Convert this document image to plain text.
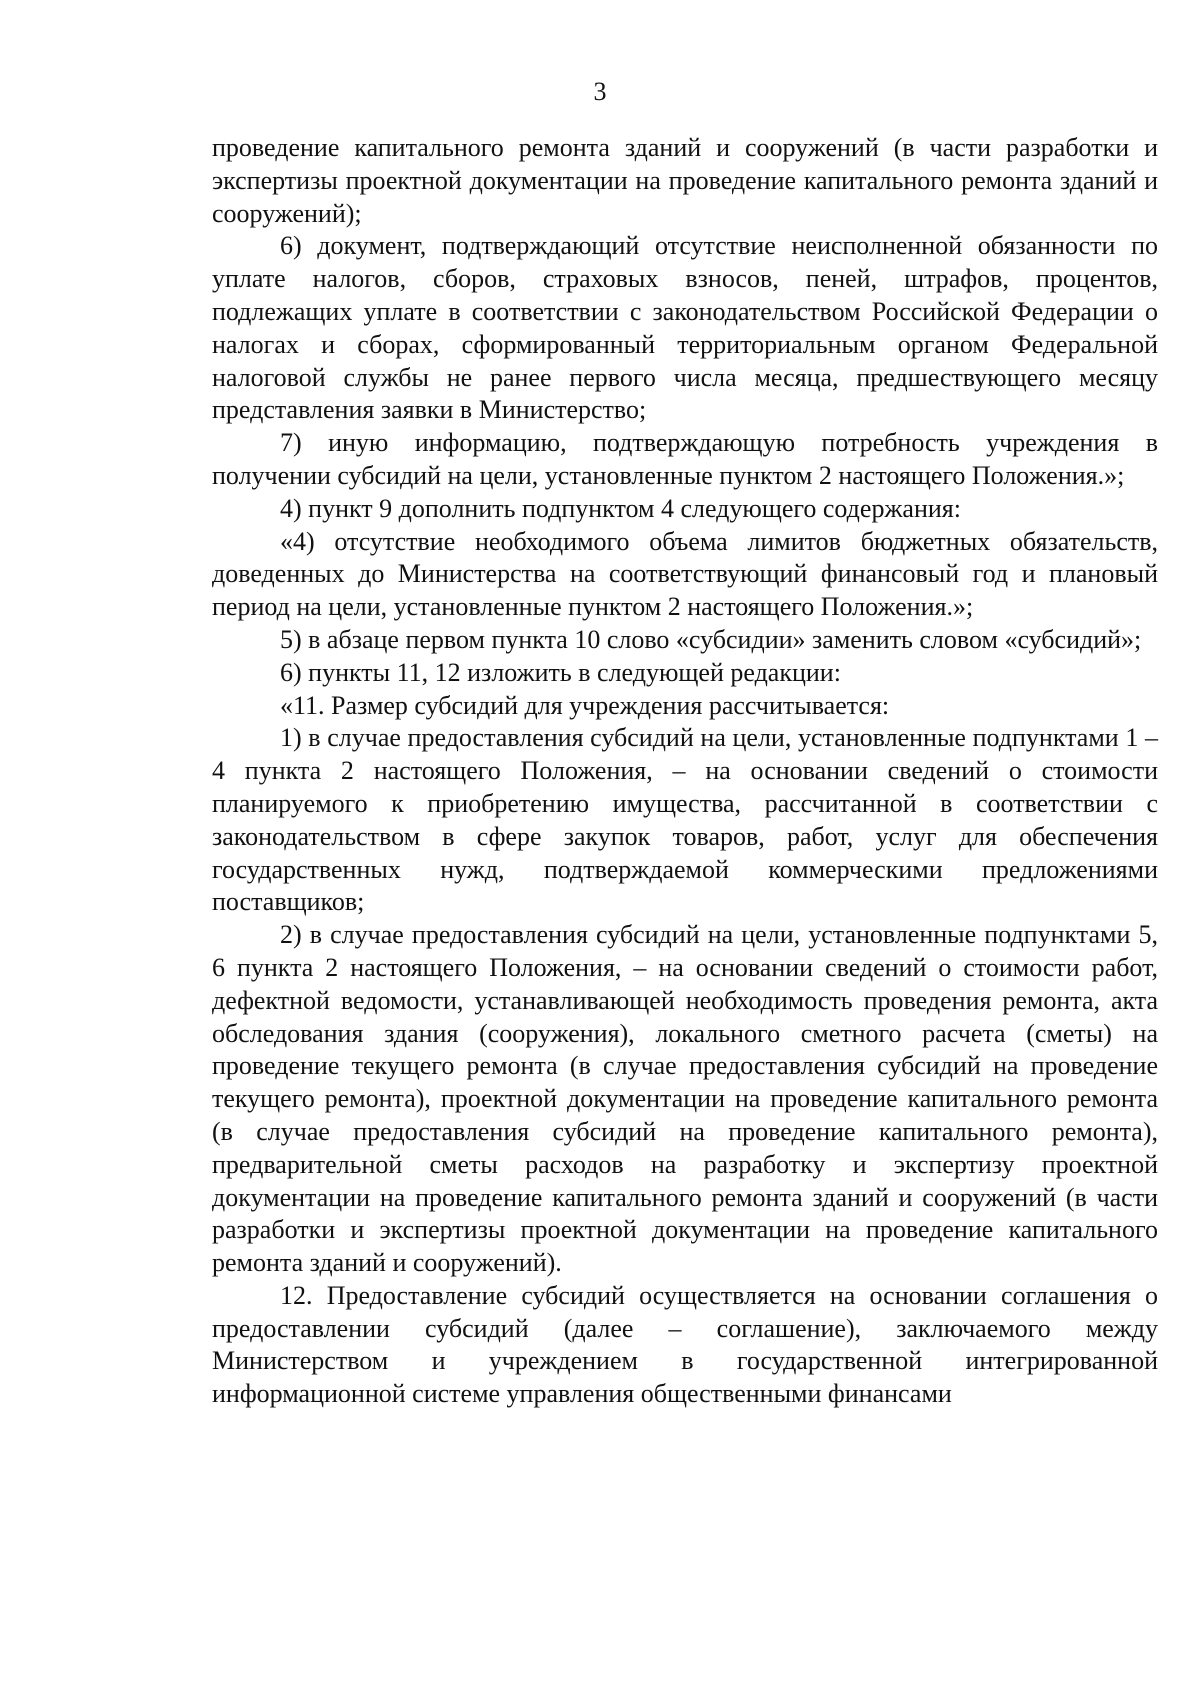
3

проведение капитального ремонта зданий и сооружений (в части разработки и экспертизы проектной документации на проведение капитального ремонта зданий и сооружений);

6) документ, подтверждающий отсутствие неисполненной обязанности по уплате налогов, сборов, страховых взносов, пеней, штрафов, процентов, подлежащих уплате в соответствии с законодательством Российской Федерации о налогах и сборах, сформированный территориальным органом Федеральной налоговой службы не ранее первого числа месяца, предшествующего месяцу представления заявки в Министерство;

7) иную информацию, подтверждающую потребность учреждения в получении субсидий на цели, установленные пунктом 2 настоящего Положения.»;

4) пункт 9 дополнить подпунктом 4 следующего содержания:

«4) отсутствие необходимого объема лимитов бюджетных обязательств, доведенных до Министерства на соответствующий финансовый год и плановый период на цели, установленные пунктом 2 настоящего Положения.»;

5) в абзаце первом пункта 10 слово «субсидии» заменить словом «субсидий»;

6) пункты 11, 12 изложить в следующей редакции:

«11. Размер субсидий для учреждения рассчитывается:

1) в случае предоставления субсидий на цели, установленные подпунктами 1 – 4 пункта 2 настоящего Положения, – на основании сведений о стоимости планируемого к приобретению имущества, рассчитанной в соответствии с законодательством в сфере закупок товаров, работ, услуг для обеспечения государственных нужд, подтверждаемой коммерческими предложениями поставщиков;

2) в случае предоставления субсидий на цели, установленные подпунктами 5, 6 пункта 2 настоящего Положения, – на основании сведений о стоимости работ, дефектной ведомости, устанавливающей необходимость проведения ремонта, акта обследования здания (сооружения), локального сметного расчета (сметы) на проведение текущего ремонта (в случае предоставления субсидий на проведение текущего ремонта), проектной документации на проведение капитального ремонта (в случае предоставления субсидий на проведение капитального ремонта), предварительной сметы расходов на разработку и экспертизу проектной документации на проведение капитального ремонта зданий и сооружений (в части разработки и экспертизы проектной документации на проведение капитального ремонта зданий и сооружений).

12. Предоставление субсидий осуществляется на основании соглашения о предоставлении субсидий (далее – соглашение), заключаемого между Министерством и учреждением в государственной интегрированной информационной системе управления общественными финансами
